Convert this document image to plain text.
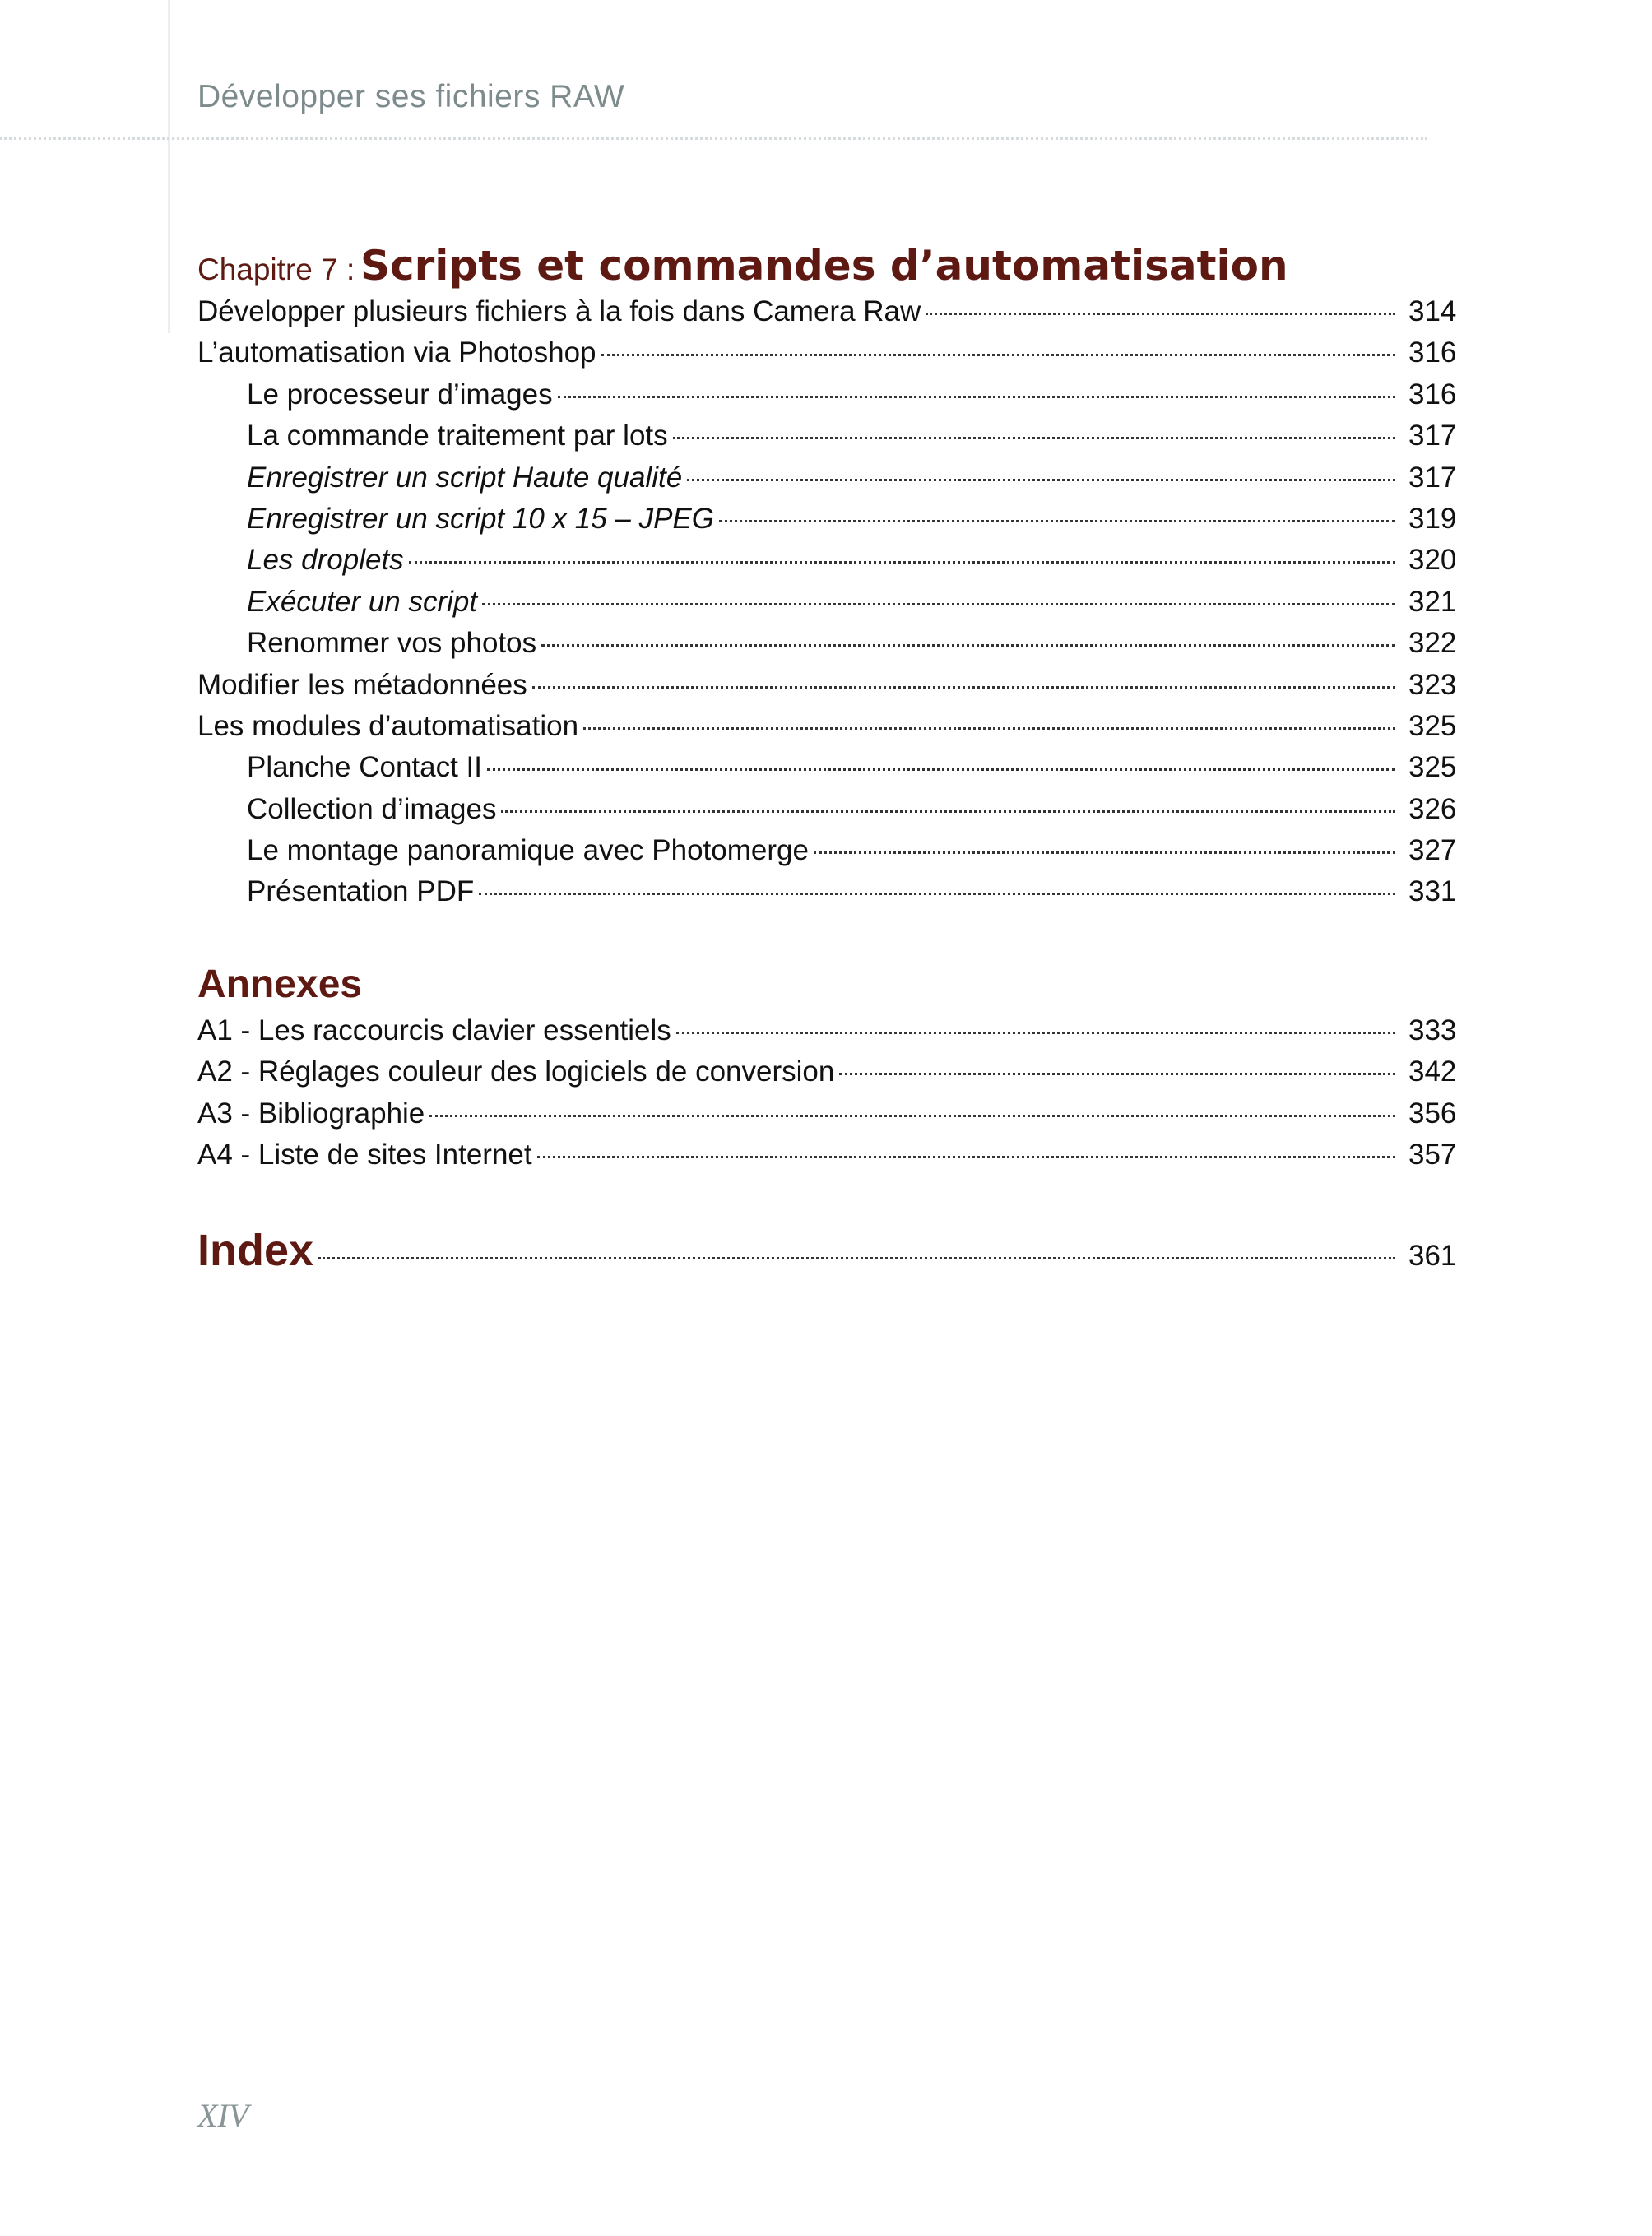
Développer ses fichiers RAW
Chapitre 7 : Scripts et commandes d’automatisation
Développer plusieurs fichiers à la fois dans Camera Raw	314
L’automatisation via Photoshop	316
Le processeur d’images	316
La commande traitement par lots	317
Enregistrer un script Haute qualité	317
Enregistrer un script 10 x 15 – JPEG	319
Les droplets	320
Exécuter un script	321
Renommer vos photos	322
Modifier les métadonnées	323
Les modules d’automatisation	325
Planche Contact II	325
Collection d’images	326
Le montage panoramique avec Photomerge	327
Présentation PDF	331
Annexes
A1 - Les raccourcis clavier essentiels	333
A2 - Réglages couleur des logiciels de conversion	342
A3 - Bibliographie	356
A4 - Liste de sites Internet	357
Index	361
XIV
